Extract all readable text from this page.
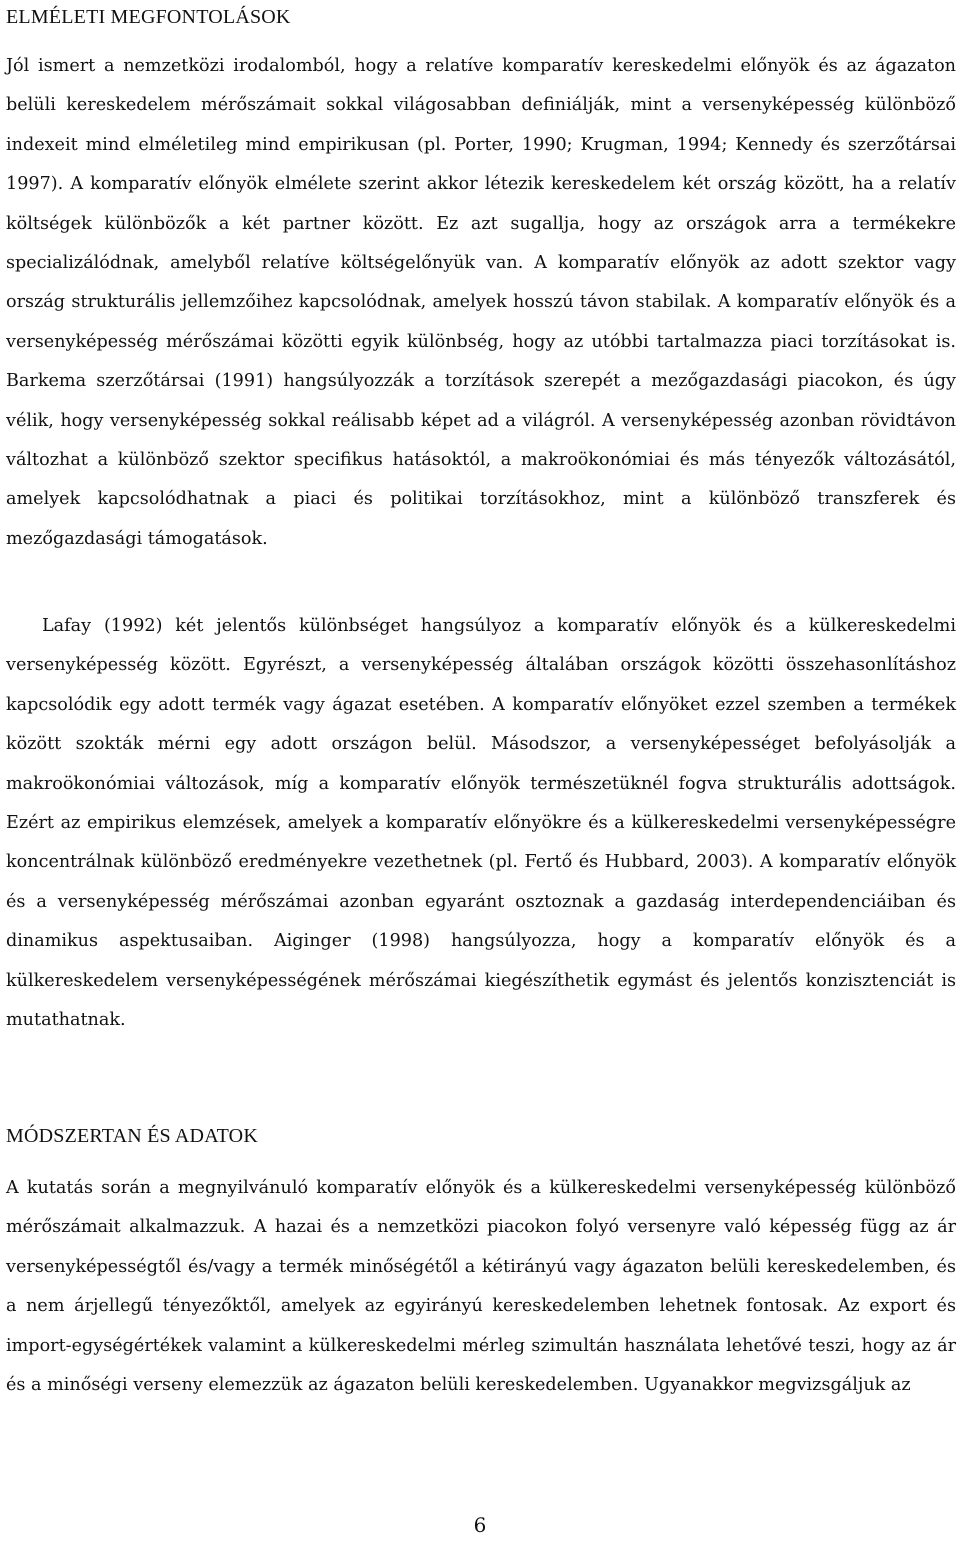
ELMÉLETI MEGFONTOLÁSOK

Jól ismert a nemzetközi irodalomból, hogy a relatíve komparatív kereskedelmi előnyök és az ágazaton belüli kereskedelem mérőszámait sokkal világosabban definiálják, mint a versenyképesség különböző indexeit mind elméletileg mind empirikusan (pl. Porter, 1990; Krugman, 1994; Kennedy és szerzőtársai 1997). A komparatív előnyök elmélete szerint akkor létezik kereskedelem két ország között, ha a relatív költségek különbözők a két partner között. Ez azt sugallja, hogy az országok arra a termékekre specializálódnak, amelyből relatíve költségelőnyük van. A komparatív előnyök az adott szektor vagy ország strukturális jellemzőihez kapcsolódnak, amelyek hosszú távon stabilak. A komparatív előnyök és a versenyképesség mérőszámai közötti egyik különbség, hogy az utóbbi tartalmazza piaci torzításokat is. Barkema szerzőtársai (1991) hangsúlyozzák a torzítások szerepét a mezőgazdasági piacokon, és úgy vélik, hogy versenyképesség sokkal reálisabb képet ad a világról. A versenyképesség azonban rövidtávon változhat a különböző szektor specifikus hatásoktól, a makroökonómiai és más tényezők változásától, amelyek kapcsolódhatnak a piaci és politikai torzításokhoz, mint a különböző transzferek és mezőgazdasági támogatások.

Lafay (1992) két jelentős különbséget hangsúlyoz a komparatív előnyök és a külkereskedelmi versenyképesség között. Egyrészt, a versenyképesség általában országok közötti összehasonlításhoz kapcsolódik egy adott termék vagy ágazat esetében. A komparatív előnyöket ezzel szemben a termékek között szokták mérni egy adott országon belül. Másodszor, a versenyképességet befolyásolják a makroökonómiai változások, míg a komparatív előnyök természetüknél fogva strukturális adottságok. Ezért az empirikus elemzések, amelyek a komparatív előnyökre és a külkereskedelmi versenyképességre koncentrálnak különböző eredményekre vezethetnek (pl. Fertő és Hubbard, 2003). A komparatív előnyök és a versenyképesség mérőszámai azonban egyaránt osztoznak a gazdaság interdependenciáiban és dinamikus aspektusaiban. Aiginger (1998) hangsúlyozza, hogy a komparatív előnyök és a külkereskedelem versenyképességének mérőszámai kiegészíthetik egymást és jelentős konzisztenciát is mutathatnak.

MÓDSZERTAN ÉS ADATOK

A kutatás során a megnyilvánuló komparatív előnyök és a külkereskedelmi versenyképesség különböző mérőszámait alkalmazzuk. A hazai és a nemzetközi piacokon folyó versenyre való képesség függ az ár versenyképességtől és/vagy a termék minőségétől a kétirányú vagy ágazaton belüli kereskedelemben, és a nem árjellegű tényezőktől, amelyek az egyirányú kereskedelemben lehetnek fontosak. Az export és import-egységértékek valamint a külkereskedelmi mérleg szimultán használata lehetővé teszi, hogy az ár és a minőségi verseny elemezzük az ágazaton belüli kereskedelemben. Ugyanakkor megvizsgáljuk az

6
